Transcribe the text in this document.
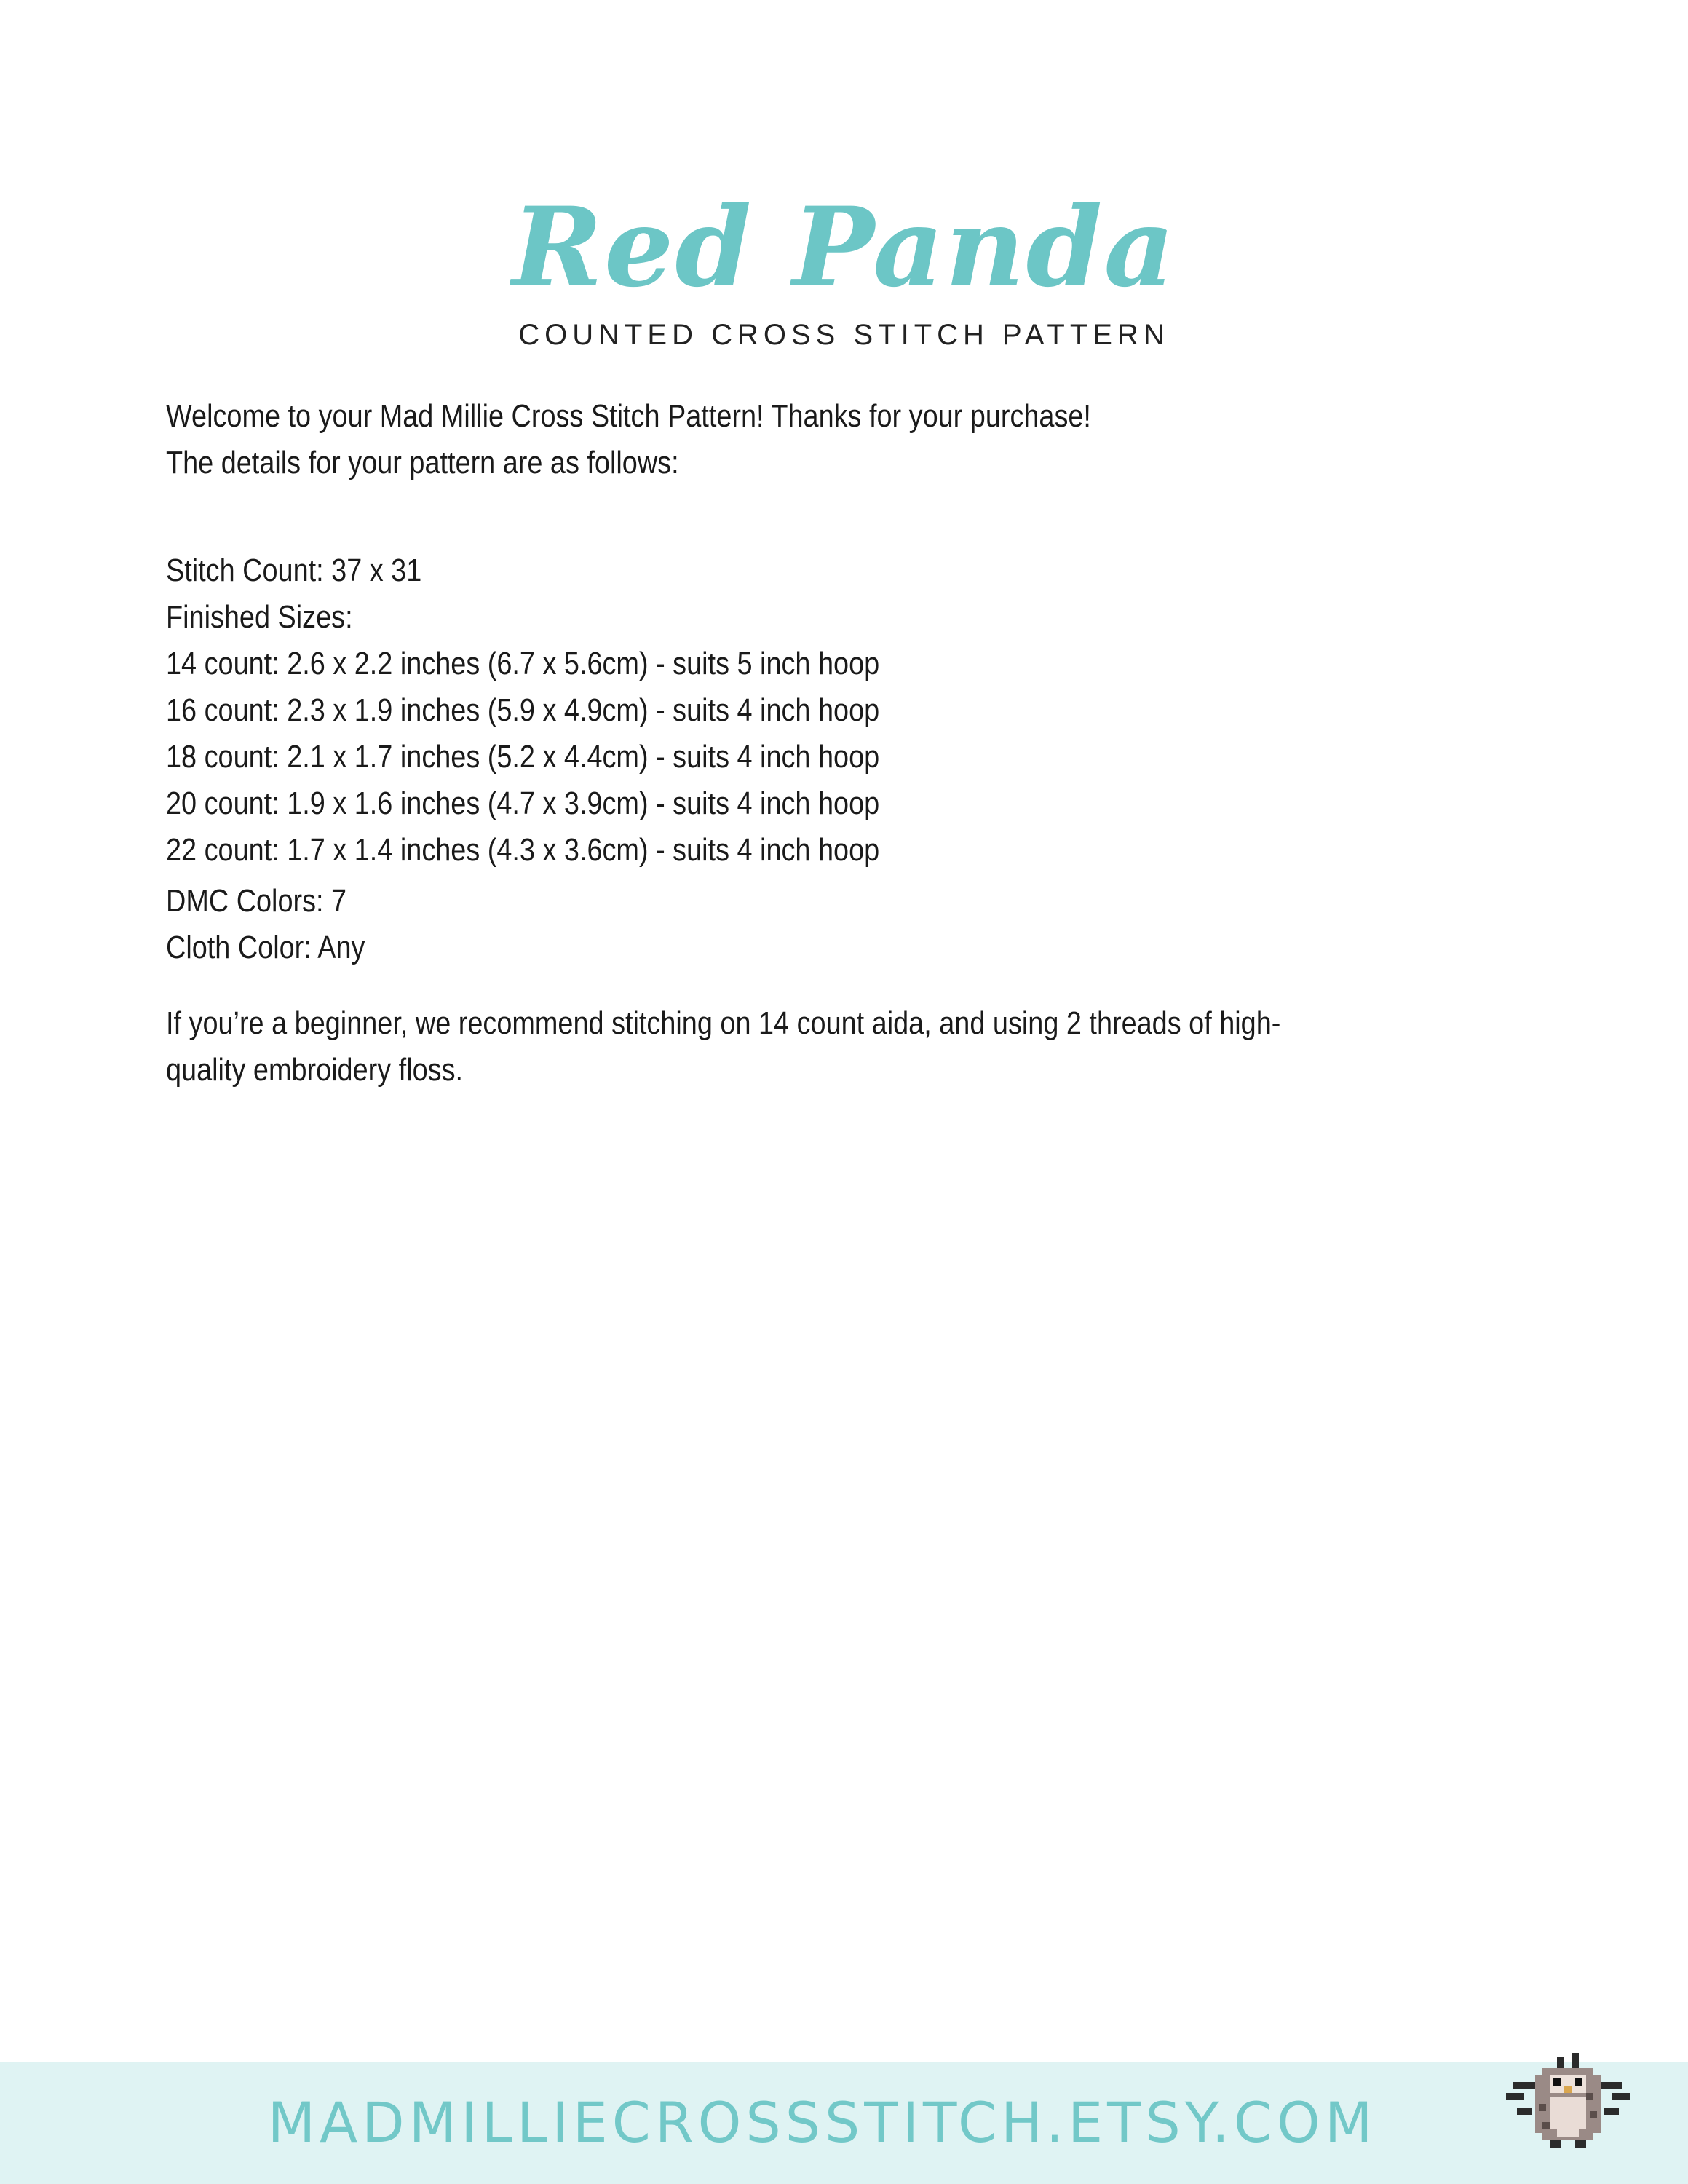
Red Panda
COUNTED CROSS STITCH PATTERN

Welcome to your Mad Millie Cross Stitch Pattern! Thanks for your purchase!

The details for your pattern are as follows:

Stitch Count: 37 x 31

Finished Sizes:

14 count: 2.6 x 2.2 inches (6.7 x 5.6cm) - suits 5 inch hoop

16 count: 2.3 x 1.9 inches (5.9 x 4.9cm) - suits 4 inch hoop

18 count: 2.1 x 1.7 inches (5.2 x 4.4cm) - suits 4 inch hoop

20 count: 1.9 x 1.6 inches (4.7 x 3.9cm) - suits 4 inch hoop

22 count: 1.7 x 1.4 inches (4.3 x 3.6cm) - suits 4 inch hoop

DMC Colors: 7

Cloth Color: Any

If you’re a beginner, we recommend stitching on 14 count aida, and using 2 threads of high-quality embroidery floss.

MADMILLIECROSSSTITCH.ETSY.COM
